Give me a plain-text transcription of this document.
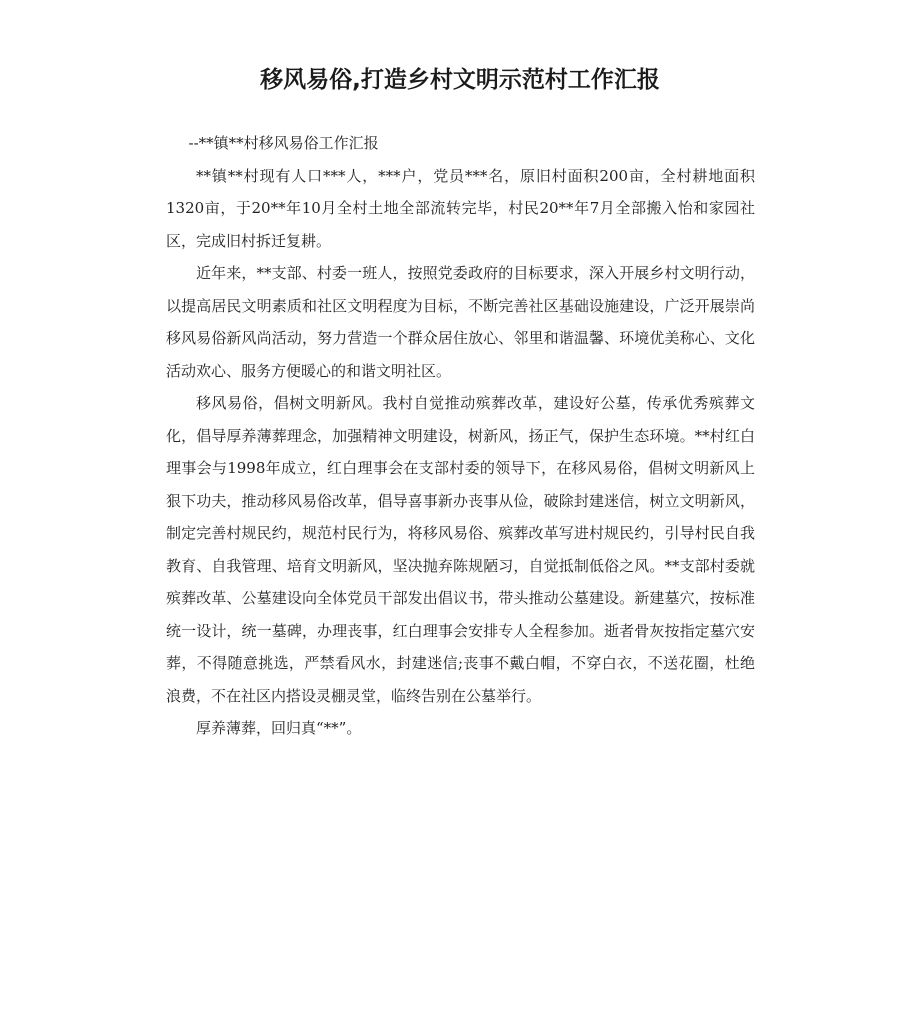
移风易俗,打造乡村文明示范村工作汇报

--**镇**村移风易俗工作汇报

**镇**村现有人口***人，***户，党员***名，原旧村面积200亩，全村耕地面积1320亩，于20**年10月全村土地全部流转完毕，村民20**年7月全部搬入怡和家园社区，完成旧村拆迁复耕。

近年来，**支部、村委一班人，按照党委政府的目标要求，深入开展乡村文明行动，以提高居民文明素质和社区文明程度为目标，不断完善社区基础设施建设，广泛开展崇尚移风易俗新风尚活动，努力营造一个群众居住放心、邻里和谐温馨、环境优美称心、文化活动欢心、服务方便暖心的和谐文明社区。

移风易俗，倡树文明新风。我村自觉推动殡葬改革，建设好公墓，传承优秀殡葬文化，倡导厚养薄葬理念，加强精神文明建设，树新风，扬正气，保护生态环境。**村红白理事会与1998年成立，红白理事会在支部村委的领导下，在移风易俗，倡树文明新风上狠下功夫，推动移风易俗改革，倡导喜事新办丧事从俭，破除封建迷信，树立文明新风，制定完善村规民约，规范村民行为，将移风易俗、殡葬改革写进村规民约，引导村民自我教育、自我管理、培育文明新风，坚决抛弃陈规陋习，自觉抵制低俗之风。**支部村委就殡葬改革、公墓建设向全体党员干部发出倡议书，带头推动公墓建设。新建墓穴，按标准统一设计，统一墓碑，办理丧事，红白理事会安排专人全程参加。逝者骨灰按指定墓穴安葬，不得随意挑选，严禁看风水，封建迷信;丧事不戴白帽，不穿白衣，不送花圈，杜绝浪费，不在社区内搭设灵棚灵堂，临终告别在公墓举行。

厚养薄葬，回归真“**”。
